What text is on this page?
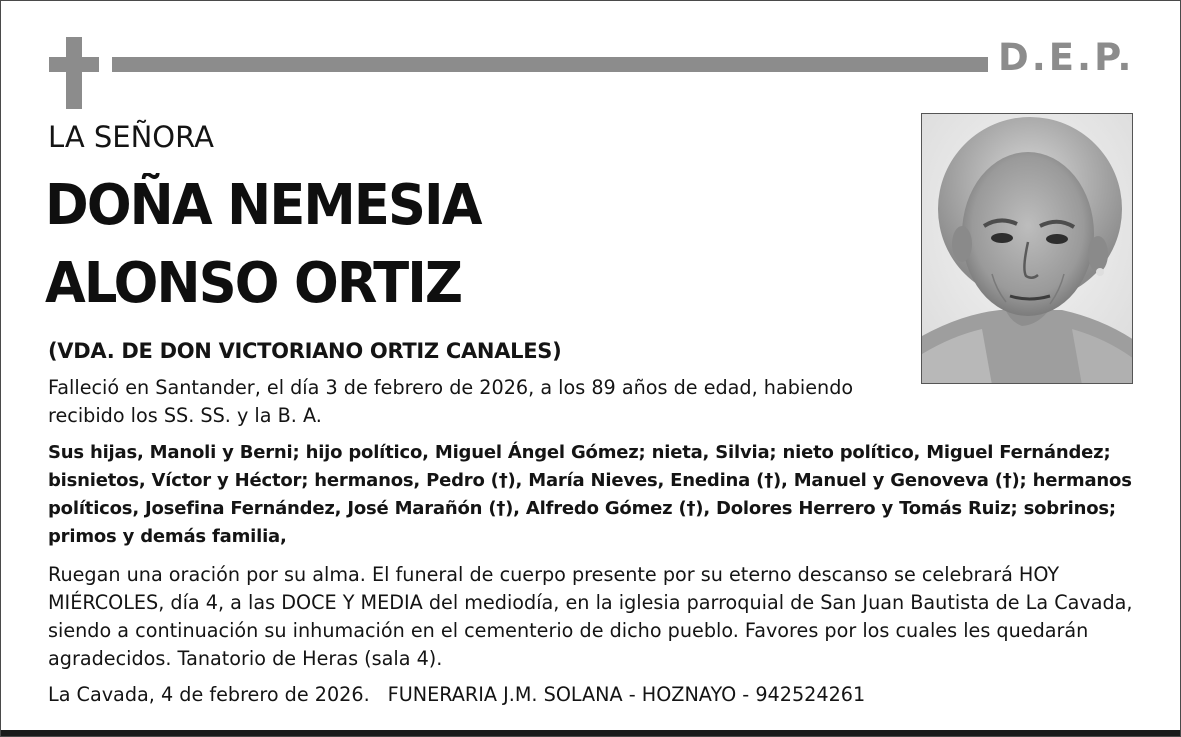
D.E.P.
LA SEÑORA
DOÑA NEMESIA
ALONSO ORTIZ
(VDA. DE DON VICTORIANO ORTIZ CANALES)

Falleció en Santander, el día 3 de febrero de 2026, a los 89 años de edad, habiendo recibido los SS. SS. y la B. A.

Sus hijas, Manoli y Berni; hijo político, Miguel Ángel Gómez; nieta, Silvia; nieto político, Miguel Fernández; bisnietos, Víctor y Héctor; hermanos, Pedro (†), María Nieves, Enedina (†), Manuel y Genoveva (†); hermanos políticos, Josefina Fernández, José Marañón (†), Alfredo Gómez (†), Dolores Herrero y Tomás Ruiz; sobrinos; primos y demás familia,

Ruegan una oración por su alma. El funeral de cuerpo presente por su eterno descanso se celebrará HOY MIÉRCOLES, día 4, a las DOCE Y MEDIA del mediodía, en la iglesia parroquial de San Juan Bautista de La Cavada, siendo a continuación su inhumación en el cementerio de dicho pueblo. Favores por los cuales les quedarán agradecidos. Tanatorio de Heras (sala 4).

La Cavada, 4 de febrero de 2026. FUNERARIA J.M. SOLANA - HOZNAYO - 942524261
